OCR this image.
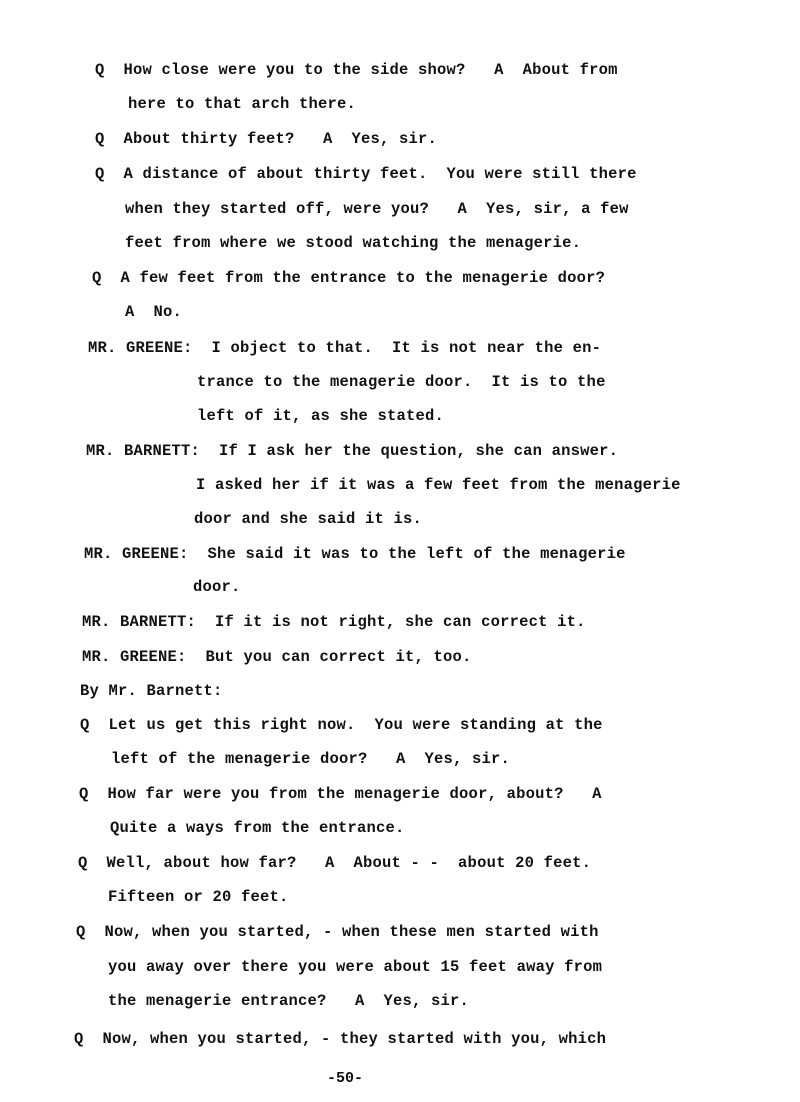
Q  How close were you to the side show?   A  About from
here to that arch there.
Q  About thirty feet?   A  Yes, sir.
Q  A distance of about thirty feet.  You were still there
when they started off, were you?   A  Yes, sir, a few
feet from where we stood watching the menagerie.
Q  A few feet from the entrance to the menagerie door?
A  No.
MR. GREENE:  I object to that.  It is not near the en-
trance to the menagerie door.  It is to the
left of it, as she stated.
MR. BARNETT:  If I ask her the question, she can answer.
I asked her if it was a few feet from the menagerie
door and she said it is.
MR. GREENE:  She said it was to the left of the menagerie
door.
MR. BARNETT:  If it is not right, she can correct it.
MR. GREENE:  But you can correct it, too.
By Mr. Barnett:
Q  Let us get this right now.  You were standing at the
left of the menagerie door?   A  Yes, sir.
Q  How far were you from the menagerie door, about?   A
Quite a ways from the entrance.
Q  Well, about how far?   A  About - -  about 20 feet.
Fifteen or 20 feet.
Q  Now, when you started, - when these men started with
you away over there you were about 15 feet away from
the menagerie entrance?   A  Yes, sir.
Q  Now, when you started, - they started with you, which
-50-
